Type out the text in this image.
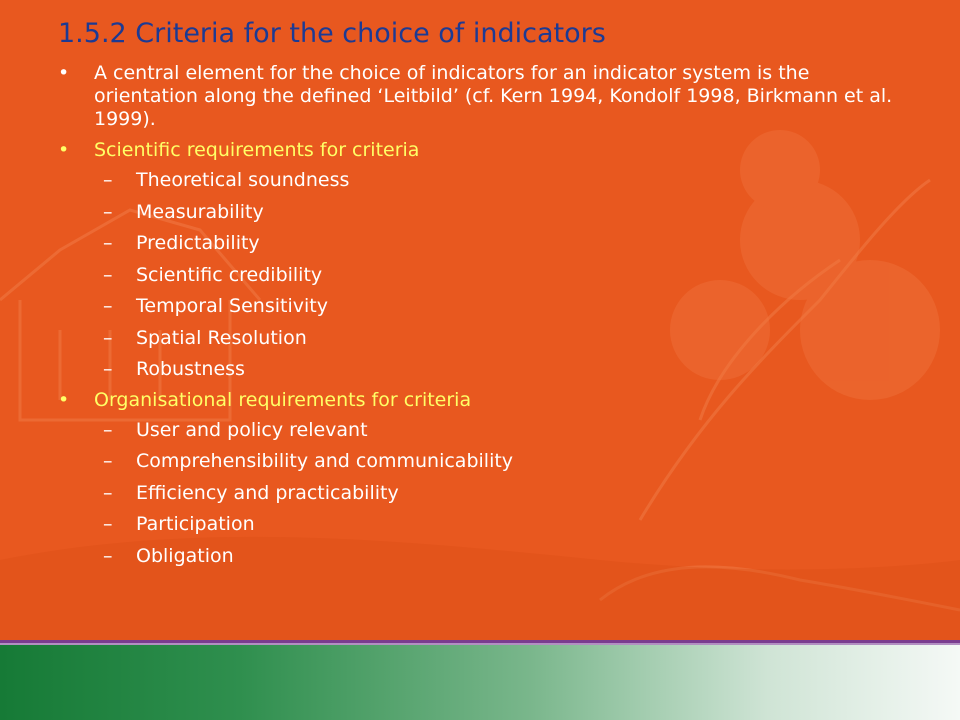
1.5.2 Criteria for the choice of indicators
•	A central element for the choice of indicators for an indicator system is the orientation along the defined ‘Leitbild’ (cf. Kern 1994, Kondolf 1998, Birkmann et al. 1999).
•	Scientific requirements for criteria
– Theoretical soundness
– Measurability
– Predictability
– Scientific credibility
– Temporal Sensitivity
– Spatial Resolution
– Robustness
•	Organisational requirements for criteria
– User and policy relevant
– Comprehensibility and communicability
– Efficiency and practicability
– Participation
– Obligation
